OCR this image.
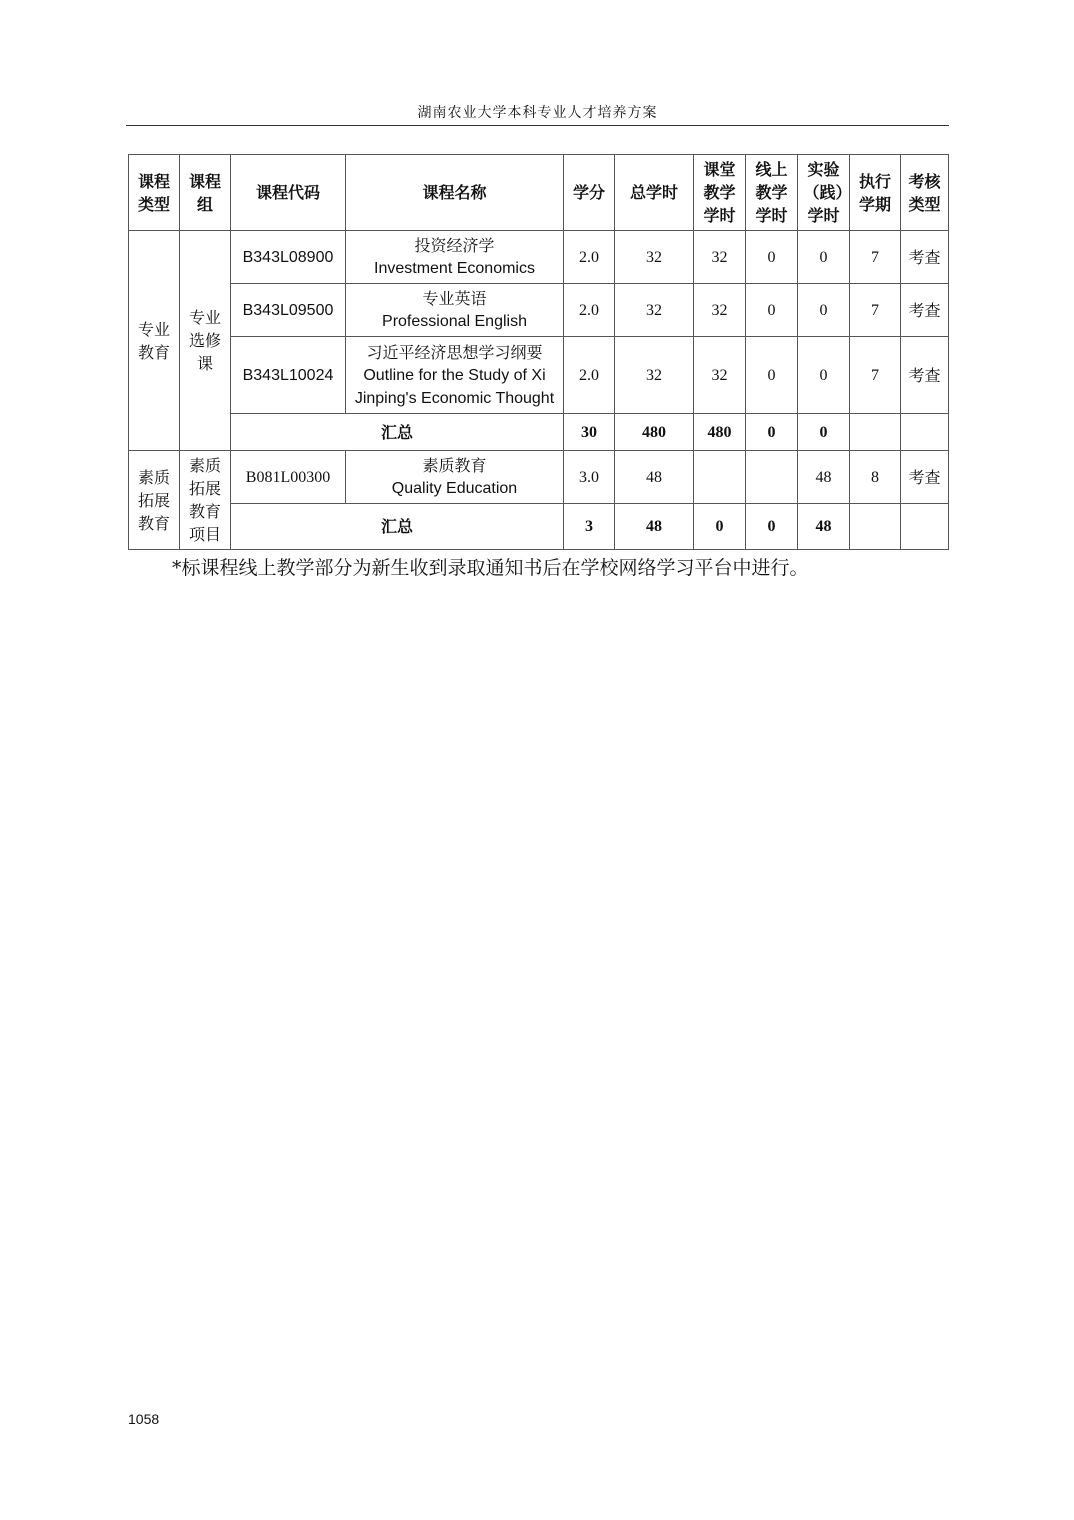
湖南农业大学本科专业人才培养方案
课程类型	课程组	课程代码	课程名称	学分	总学时	课堂教学学时	线上教学学时	实验（践）学时	执行学期	考核类型
专业教育	专业选修课	B343L08900	投资经济学
Investment Economics	2.0	32	32	0	0	7	考查
		B343L09500	专业英语
Professional English	2.0	32	32	0	0	7	考查
		B343L10024	习近平经济思想学习纲要
Outline for the Study of Xi Jinping's Economic Thought	2.0	32	32	0	0	7	考查
		汇总		30	480	480	0	0		
素质拓展教育	素质拓展教育项目	B081L00300	素质教育
Quality Education	3.0	48			48	8	考查
		汇总		3	48	0	0	48		
*标课程线上教学部分为新生收到录取通知书后在学校网络学习平台中进行。
1058
